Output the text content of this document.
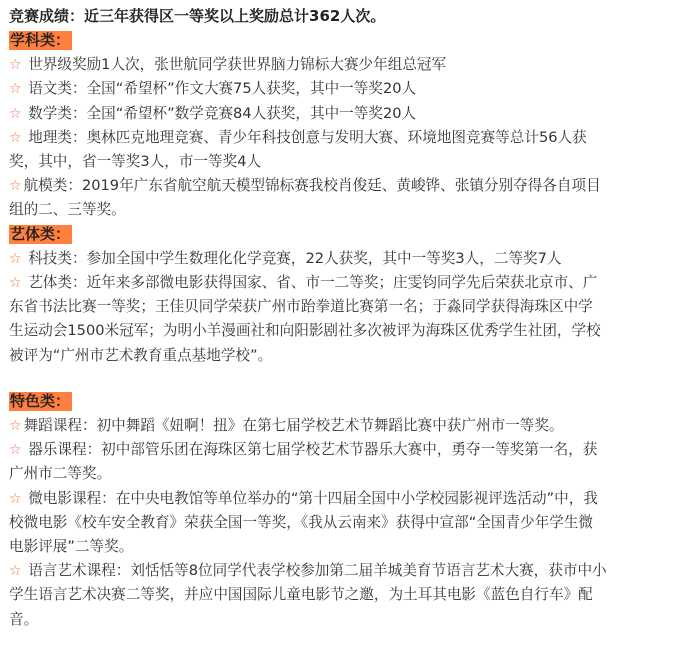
竞赛成绩：近三年获得区一等奖以上奖励总计362人次。
学科类：
☆ 世界级奖励1人次，张世航同学获世界脑力锦标大赛少年组总冠军
☆ 语文类：全国“希望杯”作文大赛75人获奖，其中一等奖20人
☆ 数学类：全国“希望杯”数学竞赛84人获奖，其中一等奖20人
☆ 地理类：奥林匹克地理竞赛、青少年科技创意与发明大赛、环境地图竞赛等总计56人获
奖，其中，省一等奖3人，市一等奖4人
☆ 航模类：2019年广东省航空航天模型锦标赛我校肖俊廷、黄峻铧、张镇分别夺得各自项目
组的二、三等奖。
艺体类：
☆ 科技类：参加全国中学生数理化化学竞赛，22人获奖，其中一等奖3人，二等奖7人
☆ 艺体类：近年来多部微电影获得国家、省、市一二等奖；庄雯钧同学先后荣获北京市、广
东省书法比赛一等奖；王佳贝同学荣获广州市跆拳道比赛第一名；于淼同学获得海珠区中学
生运动会1500米冠军；为明小羊漫画社和向阳影剧社多次被评为海珠区优秀学生社团，学校
被评为“广州市艺术教育重点基地学校”。
特色类：
☆ 舞蹈课程：初中舞蹈《妞啊！扭》在第七届学校艺术节舞蹈比赛中获广州市一等奖。
☆ 器乐课程：初中部管乐团在海珠区第七届学校艺术节器乐大赛中，勇夺一等奖第一名，获
广州市二等奖。
☆ 微电影课程：在中央电教馆等单位举办的“第十四届全国中小学校园影视评选活动”中，我
校微电影《校车安全教育》荣获全国一等奖，《我从云南来》获得中宣部“全国青少年学生微
电影评展”二等奖。
☆ 语言艺术课程：刘恬恬等8位同学代表学校参加第二届羊城美育节语言艺术大赛，获市中小
学生语言艺术决赛二等奖，并应中国国际儿童电影节之邀，为土耳其电影《蓝色自行车》配
音。
